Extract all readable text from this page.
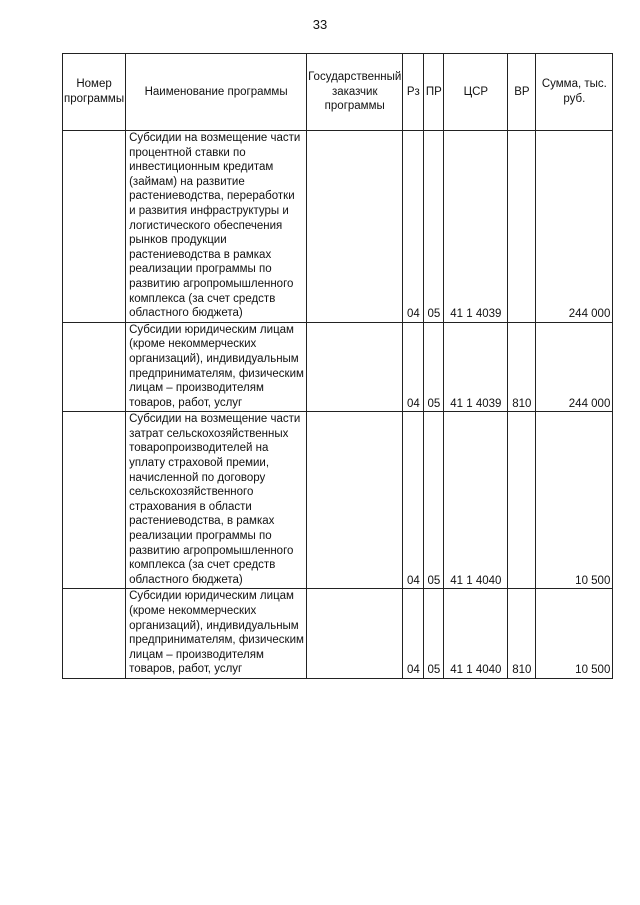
33
Номер программы	Наименование программы	Государственный заказчик программы	Рз	ПР	ЦСР	ВР	Сумма, тыс. руб.
	Субсидии на возмещение части процентной ставки по инвестиционным кредитам (займам) на развитие растениеводства, переработки и развития инфраструктуры и логистического обеспечения рынков продукции растениеводства в рамках реализации программы по развитию агропромышленного комплекса (за счет средств областного бюджета)		04	05	41 1 4039		244 000
	Субсидии юридическим лицам (кроме некоммерческих организаций), индивидуальным предпринимателям, физическим лицам – производителям товаров, работ, услуг		04	05	41 1 4039	810	244 000
	Субсидии на возмещение части затрат сельскохозяйственных товаропроизводителей на уплату страховой премии, начисленной по договору сельскохозяйственного страхования в области растениеводства, в рамках реализации программы по развитию агропромышленного комплекса (за счет средств областного бюджета)		04	05	41 1 4040		10 500
	Субсидии юридическим лицам (кроме некоммерческих организаций), индивидуальным предпринимателям, физическим лицам – производителям товаров, работ, услуг		04	05	41 1 4040	810	10 500
